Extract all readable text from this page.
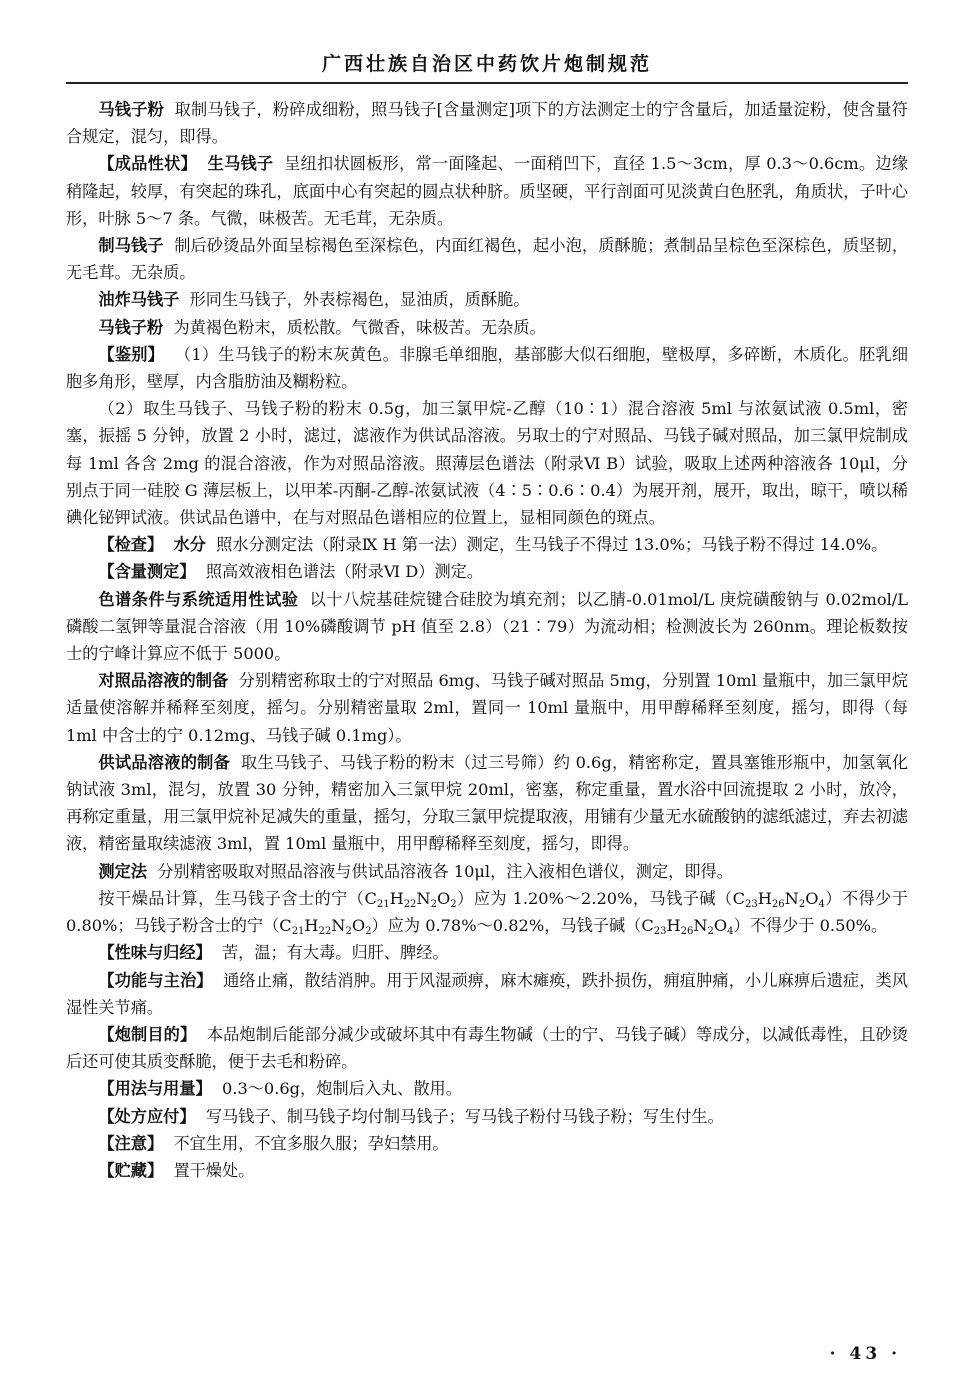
广西壮族自治区中药饮片炮制规范

马钱子粉 取制马钱子，粉碎成细粉，照马钱子[含量测定]项下的方法测定士的宁含量后，加适量淀粉，使含量符合规定，混匀，即得。

【成品性状】 生马钱子 呈纽扣状圆板形，常一面隆起、一面稍凹下，直径 1.5～3cm，厚 0.3～0.6cm。边缘稍隆起，较厚，有突起的珠孔，底面中心有突起的圆点状种脐。质坚硬，平行剖面可见淡黄白色胚乳，角质状，子叶心形，叶脉 5～7 条。气微，味极苦。无毛茸，无杂质。

制马钱子 制后砂烫品外面呈棕褐色至深棕色，内面红褐色，起小泡，质酥脆；煮制品呈棕色至深棕色，质坚韧，无毛茸。无杂质。

油炸马钱子 形同生马钱子，外表棕褐色，显油质，质酥脆。

马钱子粉 为黄褐色粉末，质松散。气微香，味极苦。无杂质。

【鉴别】 （1）生马钱子的粉末灰黄色。非腺毛单细胞，基部膨大似石细胞，壁极厚，多碎断，木质化。胚乳细胞多角形，壁厚，内含脂肪油及糊粉粒。

（2）取生马钱子、马钱子粉的粉末 0.5g，加三氯甲烷-乙醇（10∶1）混合溶液 5ml 与浓氨试液 0.5ml，密塞，振摇 5 分钟，放置 2 小时，滤过，滤液作为供试品溶液。另取士的宁对照品、马钱子碱对照品，加三氯甲烷制成每 1ml 各含 2mg 的混合溶液，作为对照品溶液。照薄层色谱法（附录Ⅵ B）试验，吸取上述两种溶液各 10μl，分别点于同一硅胶 G 薄层板上，以甲苯-丙酮-乙醇-浓氨试液（4∶5∶0.6∶0.4）为展开剂，展开，取出，晾干，喷以稀碘化铋钾试液。供试品色谱中，在与对照品色谱相应的位置上，显相同颜色的斑点。

【检查】 水分 照水分测定法（附录Ⅸ H 第一法）测定，生马钱子不得过 13.0%；马钱子粉不得过 14.0%。

【含量测定】 照高效液相色谱法（附录Ⅵ D）测定。

色谱条件与系统适用性试验 以十八烷基硅烷键合硅胶为填充剂；以乙腈-0.01mol/L 庚烷磺酸钠与 0.02mol/L 磷酸二氢钾等量混合溶液（用 10%磷酸调节 pH 值至 2.8）（21∶79）为流动相；检测波长为 260nm。理论板数按士的宁峰计算应不低于 5000。

对照品溶液的制备 分别精密称取士的宁对照品 6mg、马钱子碱对照品 5mg，分别置 10ml 量瓶中，加三氯甲烷适量使溶解并稀释至刻度，摇匀。分别精密量取 2ml，置同一 10ml 量瓶中，用甲醇稀释至刻度，摇匀，即得（每 1ml 中含士的宁 0.12mg、马钱子碱 0.1mg）。

供试品溶液的制备 取生马钱子、马钱子粉的粉末（过三号筛）约 0.6g，精密称定，置具塞锥形瓶中，加氢氧化钠试液 3ml，混匀，放置 30 分钟，精密加入三氯甲烷 20ml，密塞，称定重量，置水浴中回流提取 2 小时，放冷，再称定重量，用三氯甲烷补足减失的重量，摇匀，分取三氯甲烷提取液，用铺有少量无水硫酸钠的滤纸滤过，弃去初滤液，精密量取续滤液 3ml，置 10ml 量瓶中，用甲醇稀释至刻度，摇匀，即得。

测定法 分别精密吸取对照品溶液与供试品溶液各 10μl，注入液相色谱仪，测定，即得。

按干燥品计算，生马钱子含士的宁$(C_{21}H_{22}N_2O_2)$应为 1.20%～2.20%，马钱子碱$(C_{23}H_{26}N_2O_4)$不得少于 0.80%；马钱子粉含士的宁$(C_{21}H_{22}N_2O_2)$应为 0.78%～0.82%，马钱子碱$(C_{23}H_{26}N_2O_4)$不得少于 0.50%。

【性味与归经】 苦，温；有大毒。归肝、脾经。

【功能与主治】 通络止痛，散结消肿。用于风湿顽痹，麻木瘫痪，跌扑损伤，痈疽肿痛，小儿麻痹后遗症，类风湿性关节痛。

【炮制目的】 本品炮制后能部分减少或破坏其中有毒生物碱（士的宁、马钱子碱）等成分，以减低毒性，且砂烫后还可使其质变酥脆，便于去毛和粉碎。

【用法与用量】 0.3～0.6g，炮制后入丸、散用。

【处方应付】 写马钱子、制马钱子均付制马钱子；写马钱子粉付马钱子粉；写生付生。

【注意】 不宜生用，不宜多服久服；孕妇禁用。

【贮藏】 置干燥处。

· 43 ·
